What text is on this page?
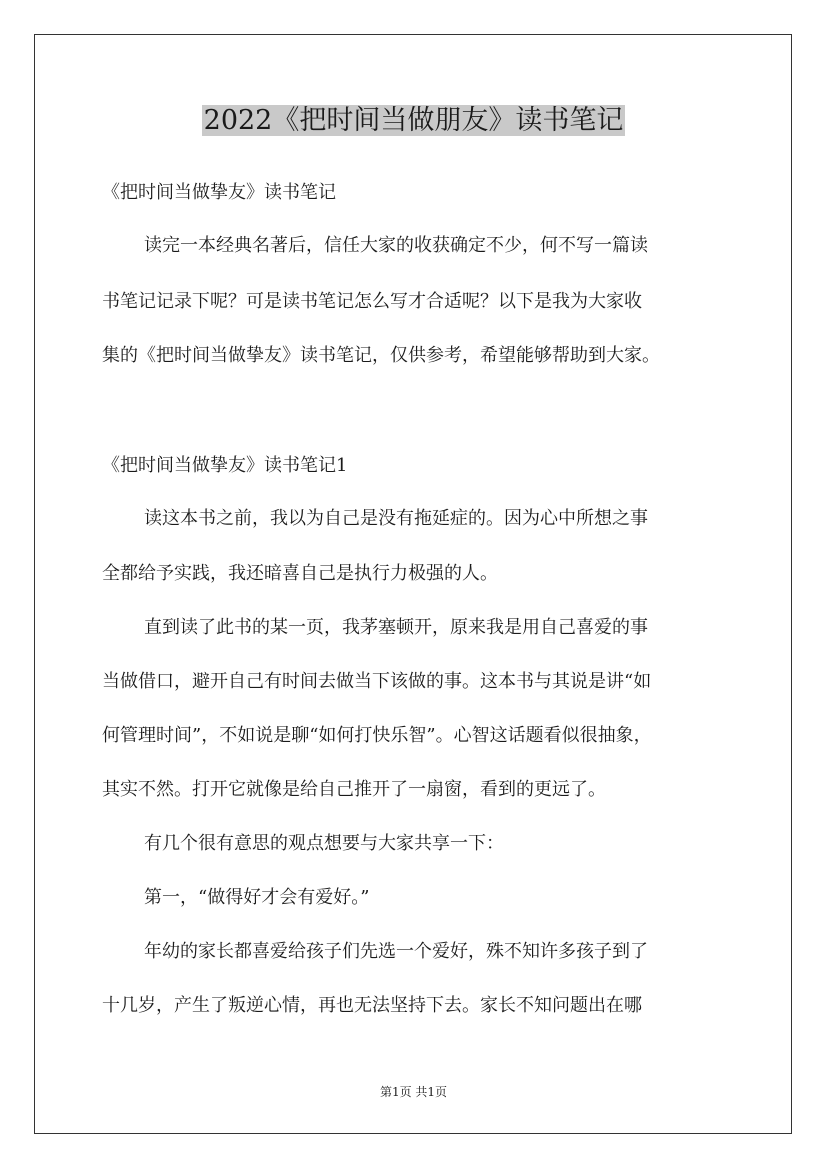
2022《把时间当做朋友》读书笔记

《把时间当做挚友》读书笔记

读完一本经典名著后，信任大家的收获确定不少，何不写一篇读

书笔记记录下呢？可是读书笔记怎么写才合适呢？以下是我为大家收

集的《把时间当做挚友》读书笔记，仅供参考，希望能够帮助到大家。

《把时间当做挚友》读书笔记1

读这本书之前，我以为自己是没有拖延症的。因为心中所想之事

全都给予实践，我还暗喜自己是执行力极强的人。

直到读了此书的某一页，我茅塞顿开，原来我是用自己喜爱的事

当做借口，避开自己有时间去做当下该做的事。这本书与其说是讲“如

何管理时间”，不如说是聊“如何打快乐智”。心智这话题看似很抽象，

其实不然。打开它就像是给自己推开了一扇窗，看到的更远了。

有几个很有意思的观点想要与大家共享一下：

第一，“做得好才会有爱好。”

年幼的家长都喜爱给孩子们先选一个爱好，殊不知许多孩子到了

十几岁，产生了叛逆心情，再也无法坚持下去。家长不知问题出在哪

第1页 共1页
